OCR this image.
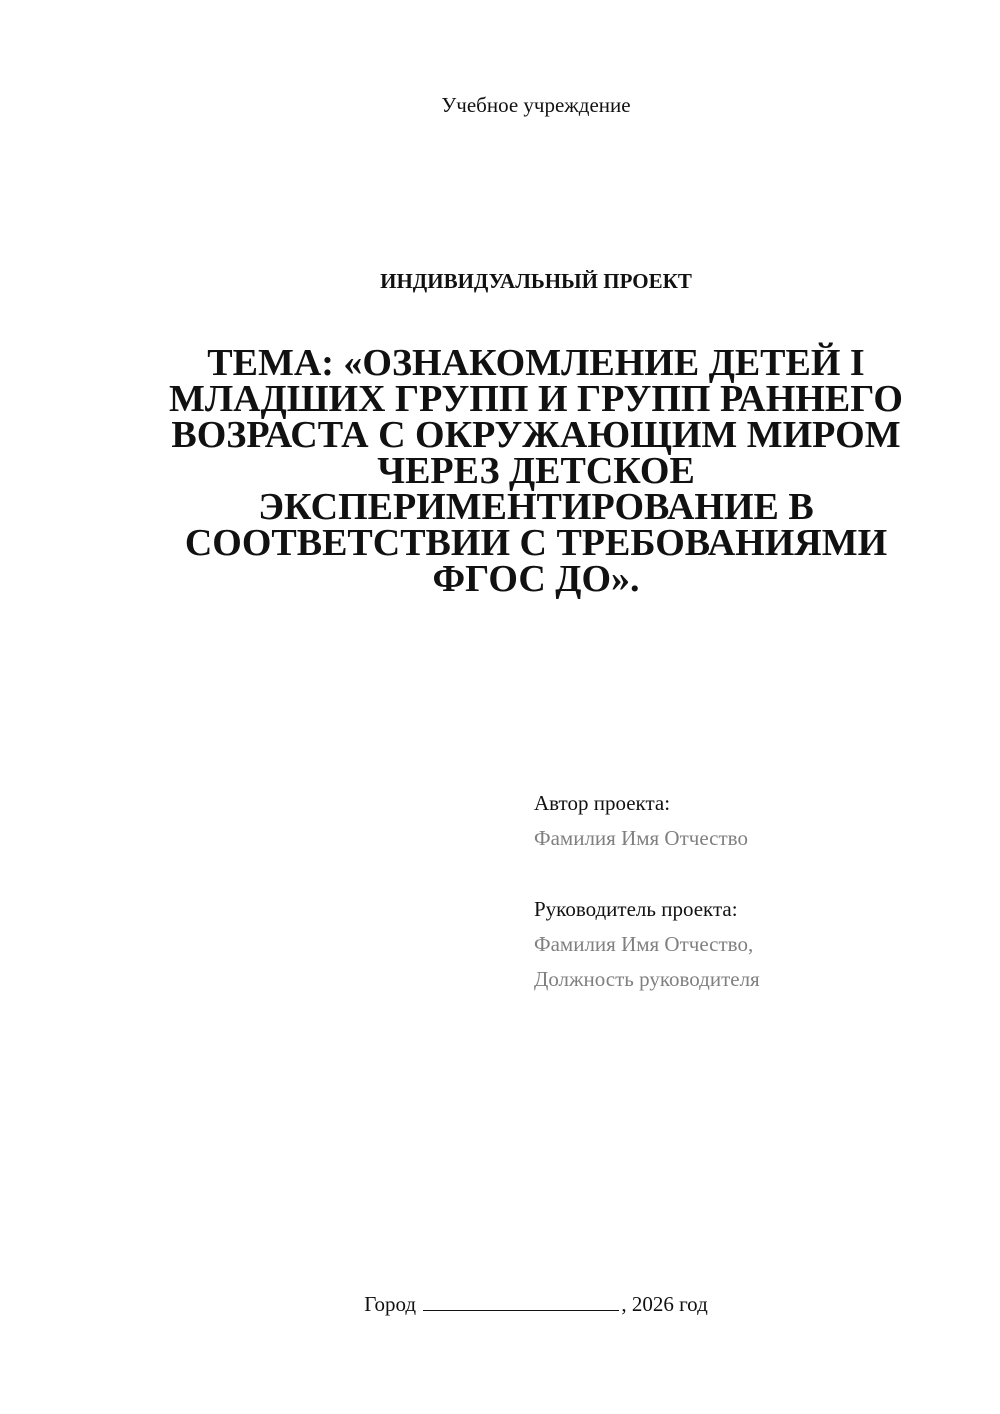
Учебное учреждение
ИНДИВИДУАЛЬНЫЙ ПРОЕКТ
ТЕМА: «ОЗНАКОМЛЕНИЕ ДЕТЕЙ I
МЛАДШИХ ГРУПП И ГРУПП РАННЕГО
ВОЗРАСТА С ОКРУЖАЮЩИМ МИРОМ
ЧЕРЕЗ ДЕТСКОЕ
ЭКСПЕРИМЕНТИРОВАНИЕ В
СООТВЕТСТВИИ С ТРЕБОВАНИЯМИ
ФГОС ДО».
Автор проекта:
Фамилия Имя Отчество
Руководитель проекта:
Фамилия Имя Отчество,
Должность руководителя
Город	, 2026 год
